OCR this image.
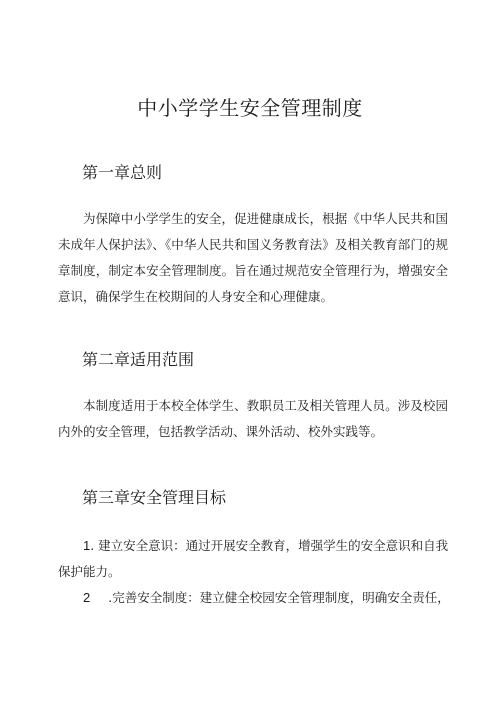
中小学学生安全管理制度
第一章总则

为保障中小学学生的安全，促进健康成长，根据《中华人民共和国未成年人保护法》、《中华人民共和国义务教育法》及相关教育部门的规章制度，制定本安全管理制度。旨在通过规范安全管理行为，增强安全意识，确保学生在校期间的人身安全和心理健康。

第二章适用范围

本制度适用于本校全体学生、教职员工及相关管理人员。涉及校园内外的安全管理，包括教学活动、课外活动、校外实践等。

第三章安全管理目标

1. 建立安全意识：通过开展安全教育，增强学生的安全意识和自我保护能力。

2 .完善安全制度：建立健全校园安全管理制度，明确安全责任，
